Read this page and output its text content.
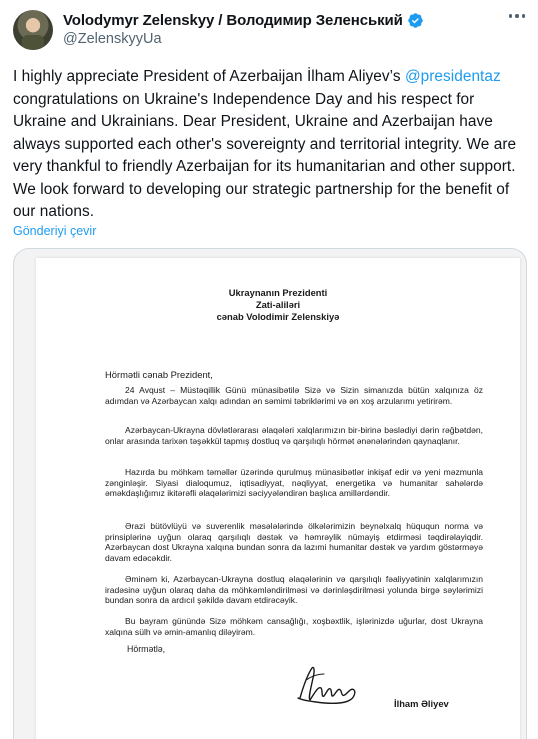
Volodymyr Zelenskyy / Володимир Зеленський
@ZelenskyyUa
I highly appreciate President of Azerbaijan İlham Aliyev’s @presidentaz congratulations on Ukraine's Independence Day and his respect for Ukraine and Ukrainians. Dear President, Ukraine and Azerbaijan have always supported each other's sovereignty and territorial integrity. We are very thankful to friendly Azerbaijan for its humanitarian and other support. We look forward to developing our strategic partnership for the benefit of our nations.
Gönderiyi çevir
Ukraynanın Prezidenti
Zati-aliləri
cənab Volodimir Zelenskiyə
Hörmətli cənab Prezident,
24 Avqust – Müstəqillik Günü münasibətilə Sizə və Sizin simanızda bütün xalqınıza öz adımdan və Azərbaycan xalqı adından ən səmimi təbriklərimi və ən xoş arzularımı yetirirəm.
Azərbaycan-Ukrayna dövlətlərarası əlaqələri xalqlarımızın bir-birinə bəslədiyi dərin rəğbətdən, onlar arasında tarixən təşəkkül tapmış dostluq və qarşılıqlı hörmət ənənələrindən qaynaqlanır.
Hazırda bu möhkəm təməllər üzərində qurulmuş münasibətlər inkişaf edir və yeni məzmunla zənginləşir. Siyasi dialoqumuz, iqtisadiyyat, nəqliyyat, energetika və humanitar sahələrdə əməkdaşlığımız ikitərəfli əlaqələrimizi səciyyələndirən başlıca amillərdəndir.
Ərazi bütövlüyü və suverenlik məsələlərində ölkələrimizin beynəlxalq hüququn norma və prinsiplərinə uyğun olaraq qarşılıqlı dəstək və həmrəylik nümayiş etdirməsi təqdirəlayiqdir. Azərbaycan dost Ukrayna xalqına bundan sonra da lazımi humanitar dəstək və yardım göstərməyə davam edəcəkdir.
Əminəm ki, Azərbaycan-Ukrayna dostluq əlaqələrinin və qarşılıqlı fəaliyyətinin xalqlarımızın iradəsinə uyğun olaraq daha da möhkəmləndirilməsi və dərinləşdirilməsi yolunda birgə səylərimizi bundan sonra da ardıcıl şəkildə davam etdirəcəyik.
Bu bayram günündə Sizə möhkəm cansağlığı, xoşbəxtlik, işlərinizdə uğurlar, dost Ukrayna xalqına sülh və əmin-amanlıq diləyirəm.
Hörmətlə,
İlham Əliyev
